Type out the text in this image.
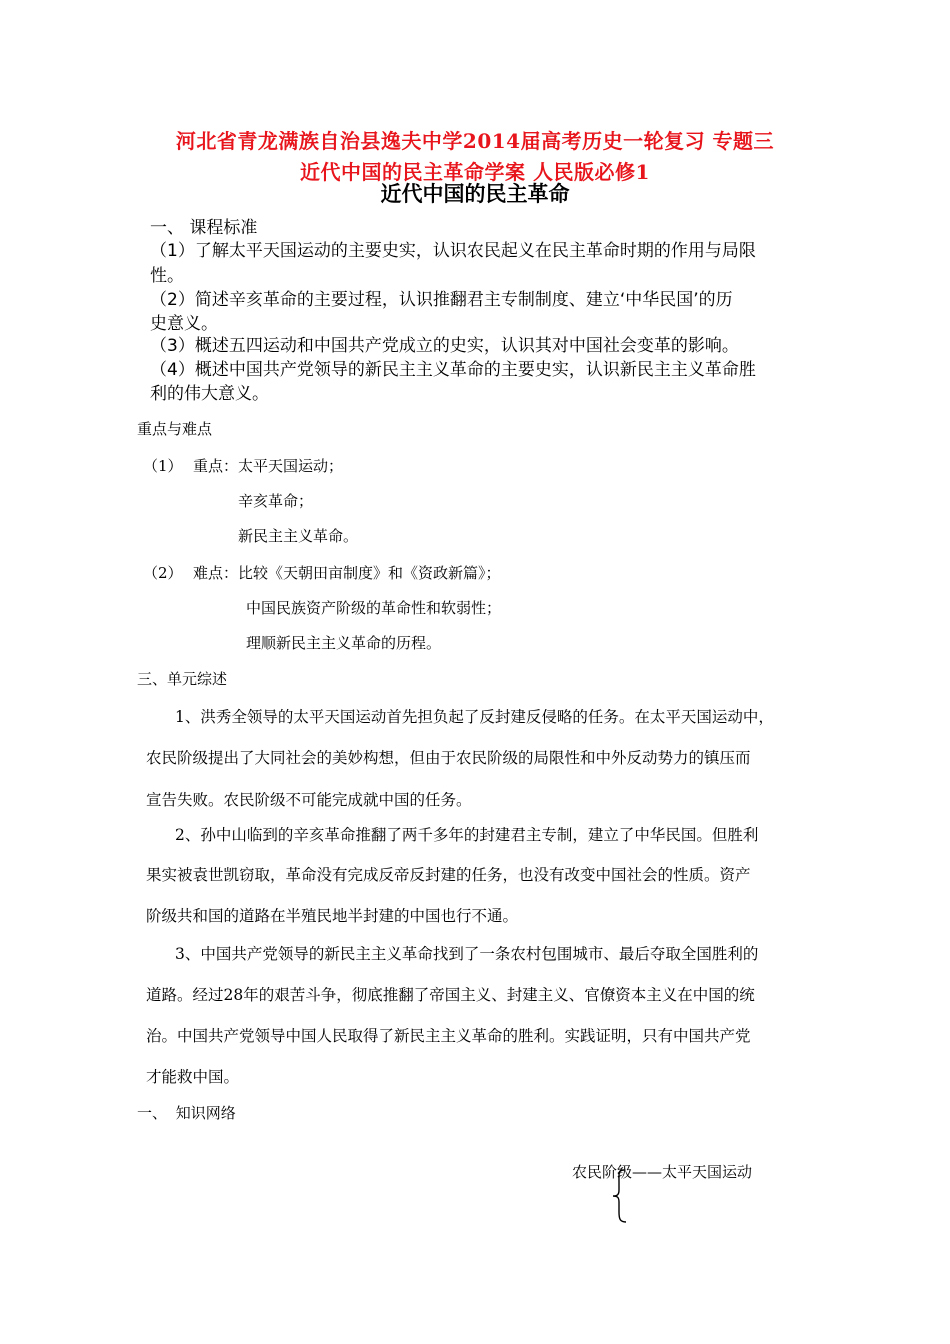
河北省青龙满族自治县逸夫中学2014届高考历史一轮复习 专题三
近代中国的民主革命学案 人民版必修1
近代中国的民主革命
一、 课程标准
（1）了解太平天国运动的主要史实，认识农民起义在民主革命时期的作用与局限
性。
（2）简述辛亥革命的主要过程，认识推翻君主专制制度、建立‘中华民国’的历
史意义。
（3）概述五四运动和中国共产党成立的史实，认识其对中国社会变革的影响。
（4）概述中国共产党领导的新民主主义革命的主要史实，认识新民主主义革命胜
利的伟大意义。
重点与难点
（1） 重点：太平天国运动；
辛亥革命；
新民主主义革命。
（2） 难点：比较《天朝田亩制度》和《资政新篇》；
中国民族资产阶级的革命性和软弱性；
理顺新民主主义革命的历程。
三、单元综述
1、洪秀全领导的太平天国运动首先担负起了反封建反侵略的任务。在太平天国运动中，
农民阶级提出了大同社会的美妙构想，但由于农民阶级的局限性和中外反动势力的镇压而
宣告失败。农民阶级不可能完成就中国的任务。
2、孙中山临到的辛亥革命推翻了两千多年的封建君主专制，建立了中华民国。但胜利
果实被袁世凯窃取，革命没有完成反帝反封建的任务，也没有改变中国社会的性质。资产
阶级共和国的道路在半殖民地半封建的中国也行不通。
3、中国共产党领导的新民主主义革命找到了一条农村包围城市、最后夺取全国胜利的
道路。经过28年的艰苦斗争，彻底推翻了帝国主义、封建主义、官僚资本主义在中国的统
治。中国共产党领导中国人民取得了新民主主义革命的胜利。实践证明，只有中国共产党
才能救中国。
一、 知识网络
农民阶级——太平天国运动
